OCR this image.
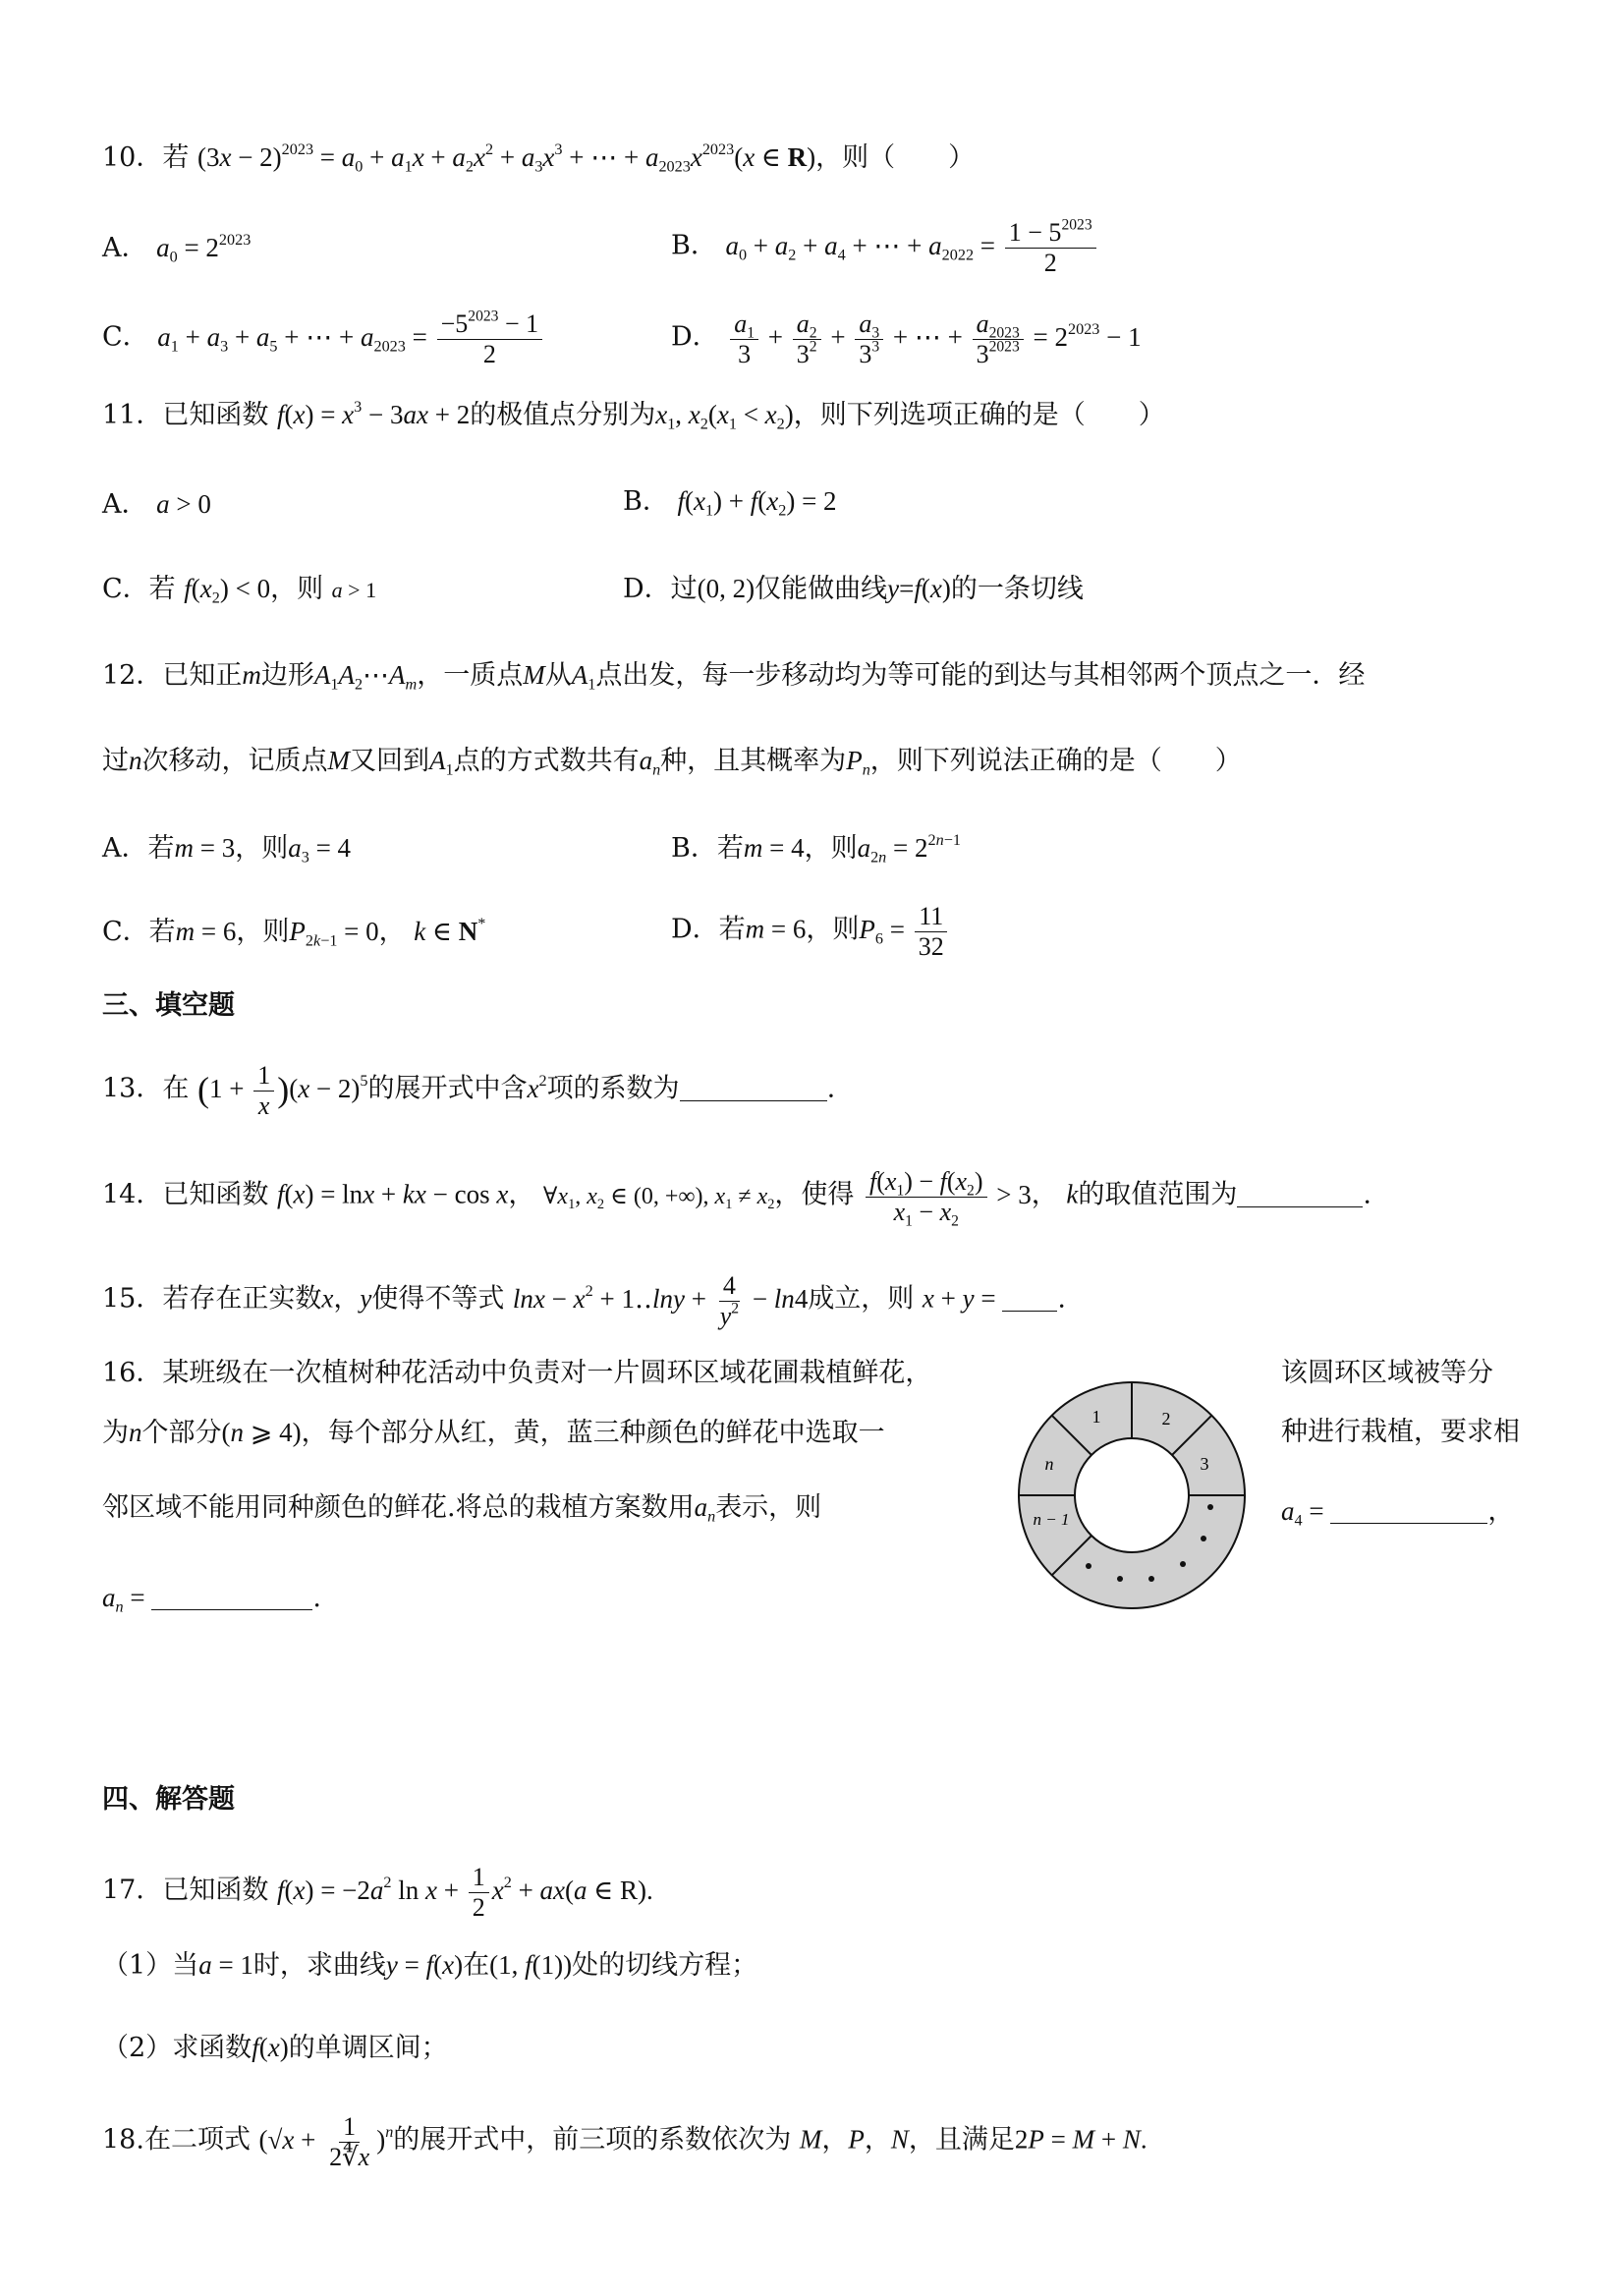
10．若 $(3x - 2)^{2023} = a_0 + a_1x + a_2x^2 + a_3x^3$ + ⋯ + $a_{2023}x^{2023}(x$ ∈ R)，则（　　）
A． $a_0 = 2^{2023}$	B． $a_0 + a_2 + a_4$ + ⋯ + $a_{2022} = \frac{1 - 5^{2023}}{2}$
C． $a_1 + a_3 + a_5$ + ⋯ + $a_{2023} = \frac{-5^{2023} - 1}{2}$	D． $\frac{a_1}{3} + \frac{a_2}{3^2} + \frac{a_3}{3^3}$ + ⋯ + $\frac{a_{2023}}{3^{2023}} = 2^{2023} - 1$
11．已知函数 $f(x) = x^3 - 3ax + 2$的极值点分别为$x_1$, $x_2(x_1 < x_2)$，则下列选项正确的是（　　）
A． a > 0	B． $f(x_1) + f(x_2) = 2$
C．若 $f(x_2) < 0$，则 a > 1	D．过(0, 2)仅能做曲线y=f(x)的一条切线
12．已知正m边形$A_1A_2\cdots A_m$，一质点M从$A_1$点出发，每一步移动均为等可能的到达与其相邻两个顶点之一．经
过n次移动，记质点M又回到$A_1$点的方式数共有$a_n$种，且其概率为$P_n$，则下列说法正确的是（　　）
A．若m = 3，则$a_3 = 4$	B．若m = 4，则$a_{2n} = 2^{2n-1}$
C．若m = 6，则$P_{2k-1} = 0$， k ∈ N*	D．若m = 6，则$P_6 = \frac{11}{32}$
三、填空题
13．在 $(1 + \frac{1}{x} )(x - 2)^5$的展开式中含$x^2$项的系数为	.
14．已知函数 f(x) = lnx + kx − cos x， $\forall x_1$, $x_2$ ∈ (0, +∞), $x_1 \ne x_2$，使得 $\frac{f(x_1) - f(x_2)}{x_1 - x_2} > 3$， k的取值范围为	.
15．若存在正实数x，y使得不等式 $\ln x - x^2$ + 1‥lny + $\frac{4}{y^2} - \ln 4$成立，则 x + y = .
16．某班级在一次植树种花活动中负责对一片圆环区域花圃栽植鲜花，	该圆环区域被等分
为n个部分(n ⩾ 4)，每个部分从红，黄，蓝三种颜色的鲜花中选取一	种进行栽植，要求相
邻区域不能用同种颜色的鲜花.将总的栽植方案数用$a_n$表示，则	$a_4$ =	，
$a_n$ =	.
1	2
3
n
n − 1
四、解答题
17．已知函数 $f(x) = -2a^2$ $\ln x + \frac{1}{2} x^2 + ax(a$ ∈ R).
（1）当a = 1时，求曲线y = f(x)在(1, f(1))处的切线方程；
（2）求函数f(x)的单调区间；
18.在二项式 $(√x + \frac{1}{2∜x} )^n$的展开式中，前三项的系数依次为 M，P，N，且满足2P = M + N.
